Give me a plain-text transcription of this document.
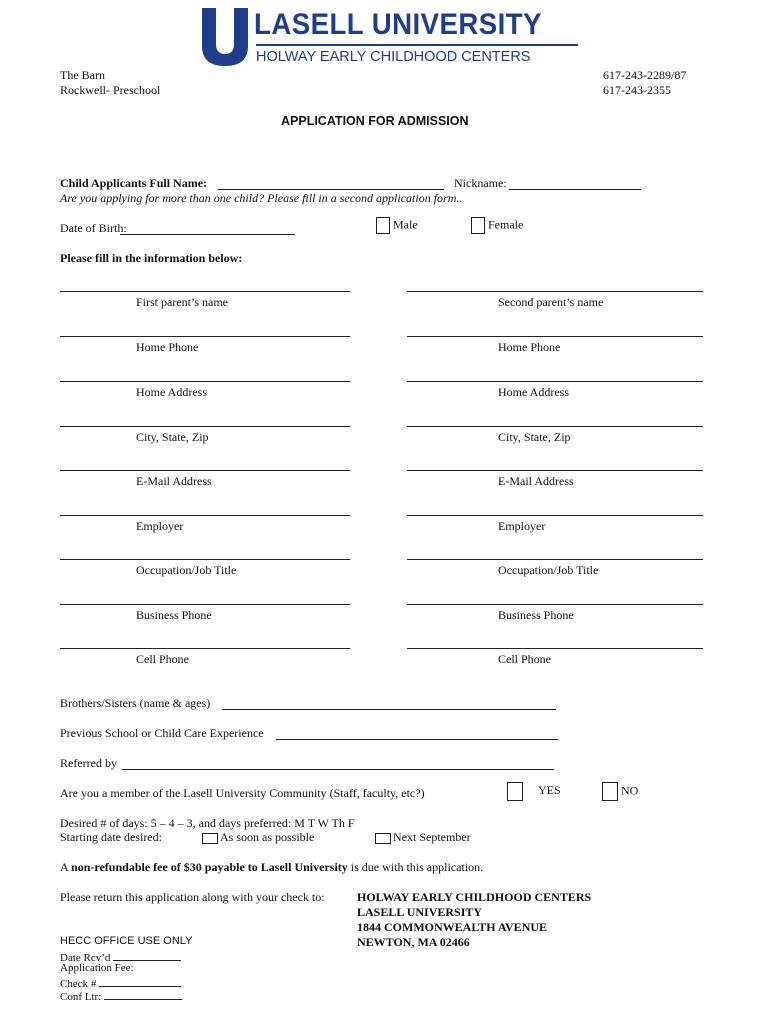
LASELL UNIVERSITY
HOLWAY EARLY CHILDHOOD CENTERS
The Barn
Rockwell- Preschool
617-243-2289/87
617-243-2355
APPLICATION FOR ADMISSION
Child Applicants Full Name:	Nickname:
Are you applying for more than one child? Please fill in a second application form..
Date of Birth:	Male	Female
Please fill in the information below:
First parent’s name	Second parent’s name
Home Phone	Home Phone
Home Address	Home Address
City, State, Zip	City, State, Zip
E-Mail Address	E-Mail Address
Employer	Employer
Occupation/Job Title	Occupation/Job Title
Business Phone	Business Phone
Cell Phone	Cell Phone
Brothers/Sisters (name & ages)
Previous School or Child Care Experience
Referred by
Are you a member of the Lasell University Community (Staff, faculty, etc?)	YES	NO
Desired # of days: 5 – 4 – 3, and days preferred: M T W Th F
Starting date desired:	As soon as possible	Next September
A non-refundable fee of $30 payable to Lasell University is due with this application.
Please return this application along with your check to:	HOLWAY EARLY CHILDHOOD CENTERS
LASELL UNIVERSITY
1844 COMMONWEALTH AVENUE
NEWTON, MA 02466
HECC OFFICE USE ONLY
Date Rcv’d
Application Fee:
Check #
Conf Ltr:
